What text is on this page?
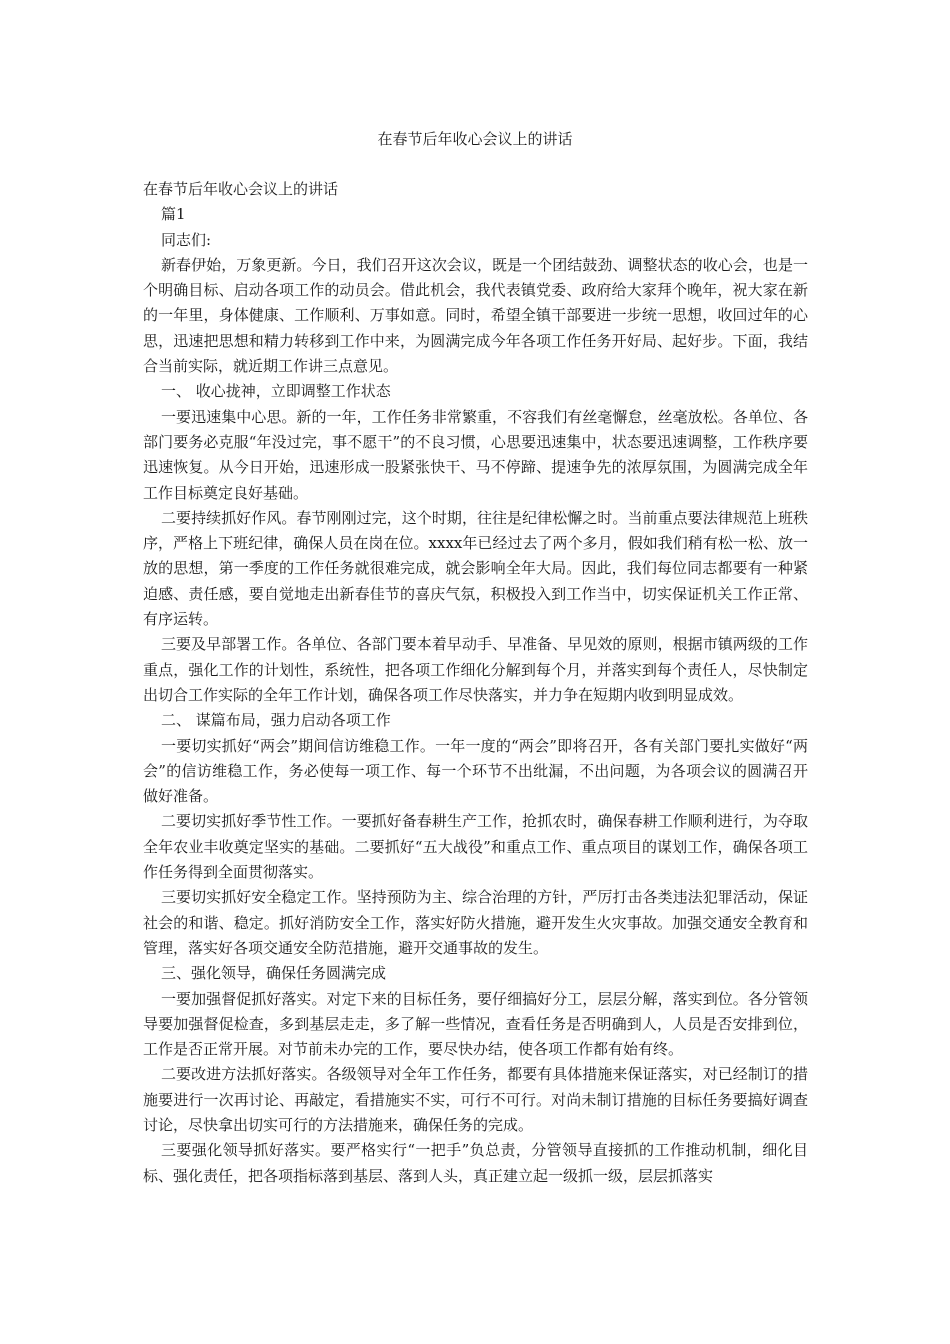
在春节后年收心会议上的讲话

在春节后年收心会议上的讲话

篇1

同志们:

新春伊始，万象更新。今日，我们召开这次会议，既是一个团结鼓劲、调整状态的收心会，也是一个明确目标、启动各项工作的动员会。借此机会，我代表镇党委、政府给大家拜个晚年，祝大家在新的一年里，身体健康、工作顺利、万事如意。同时，希望全镇干部要进一步统一思想，收回过年的心思，迅速把思想和精力转移到工作中来，为圆满完成今年各项工作任务开好局、起好步。下面，我结合当前实际，就近期工作讲三点意见。

一、 收心拢神，立即调整工作状态

一要迅速集中心思。新的一年，工作任务非常繁重，不容我们有丝毫懈怠，丝毫放松。各单位、各部门要务必克服“年没过完，事不愿干”的不良习惯，心思要迅速集中，状态要迅速调整，工作秩序要迅速恢复。从今日开始，迅速形成一股紧张快干、马不停蹄、提速争先的浓厚氛围，为圆满完成全年工作目标奠定良好基础。

二要持续抓好作风。春节刚刚过完，这个时期，往往是纪律松懈之时。当前重点要法律规范上班秩序，严格上下班纪律，确保人员在岗在位。xxxx年已经过去了两个多月，假如我们稍有松一松、放一放的思想，第一季度的工作任务就很难完成，就会影响全年大局。因此，我们每位同志都要有一种紧迫感、责任感，要自觉地走出新春佳节的喜庆气氛，积极投入到工作当中，切实保证机关工作正常、有序运转。

三要及早部署工作。各单位、各部门要本着早动手、早准备、早见效的原则，根据市镇两级的工作重点，强化工作的计划性，系统性，把各项工作细化分解到每个月，并落实到每个责任人，尽快制定出切合工作实际的全年工作计划，确保各项工作尽快落实，并力争在短期内收到明显成效。

二、 谋篇布局，强力启动各项工作

一要切实抓好“两会”期间信访维稳工作。一年一度的“两会”即将召开，各有关部门要扎实做好“两会”的信访维稳工作，务必使每一项工作、每一个环节不出纰漏，不出问题，为各项会议的圆满召开做好准备。

二要切实抓好季节性工作。一要抓好备春耕生产工作，抢抓农时，确保春耕工作顺利进行，为夺取全年农业丰收奠定坚实的基础。二要抓好“五大战役”和重点工作、重点项目的谋划工作，确保各项工作任务得到全面贯彻落实。

三要切实抓好安全稳定工作。坚持预防为主、综合治理的方针，严厉打击各类违法犯罪活动，保证社会的和谐、稳定。抓好消防安全工作，落实好防火措施，避开发生火灾事故。加强交通安全教育和管理，落实好各项交通安全防范措施，避开交通事故的发生。

三、强化领导，确保任务圆满完成

一要加强督促抓好落实。对定下来的目标任务，要仔细搞好分工，层层分解，落实到位。各分管领导要加强督促检查，多到基层走走，多了解一些情况，查看任务是否明确到人，人员是否安排到位，工作是否正常开展。对节前未办完的工作，要尽快办结，使各项工作都有始有终。

二要改进方法抓好落实。各级领导对全年工作任务，都要有具体措施来保证落实，对已经制订的措施要进行一次再讨论、再敲定，看措施实不实，可行不可行。对尚未制订措施的目标任务要搞好调查讨论，尽快拿出切实可行的方法措施来，确保任务的完成。

三要强化领导抓好落实。要严格实行“一把手”负总责，分管领导直接抓的工作推动机制，细化目标、强化责任，把各项指标落到基层、落到人头，真正建立起一级抓一级，层层抓落实
